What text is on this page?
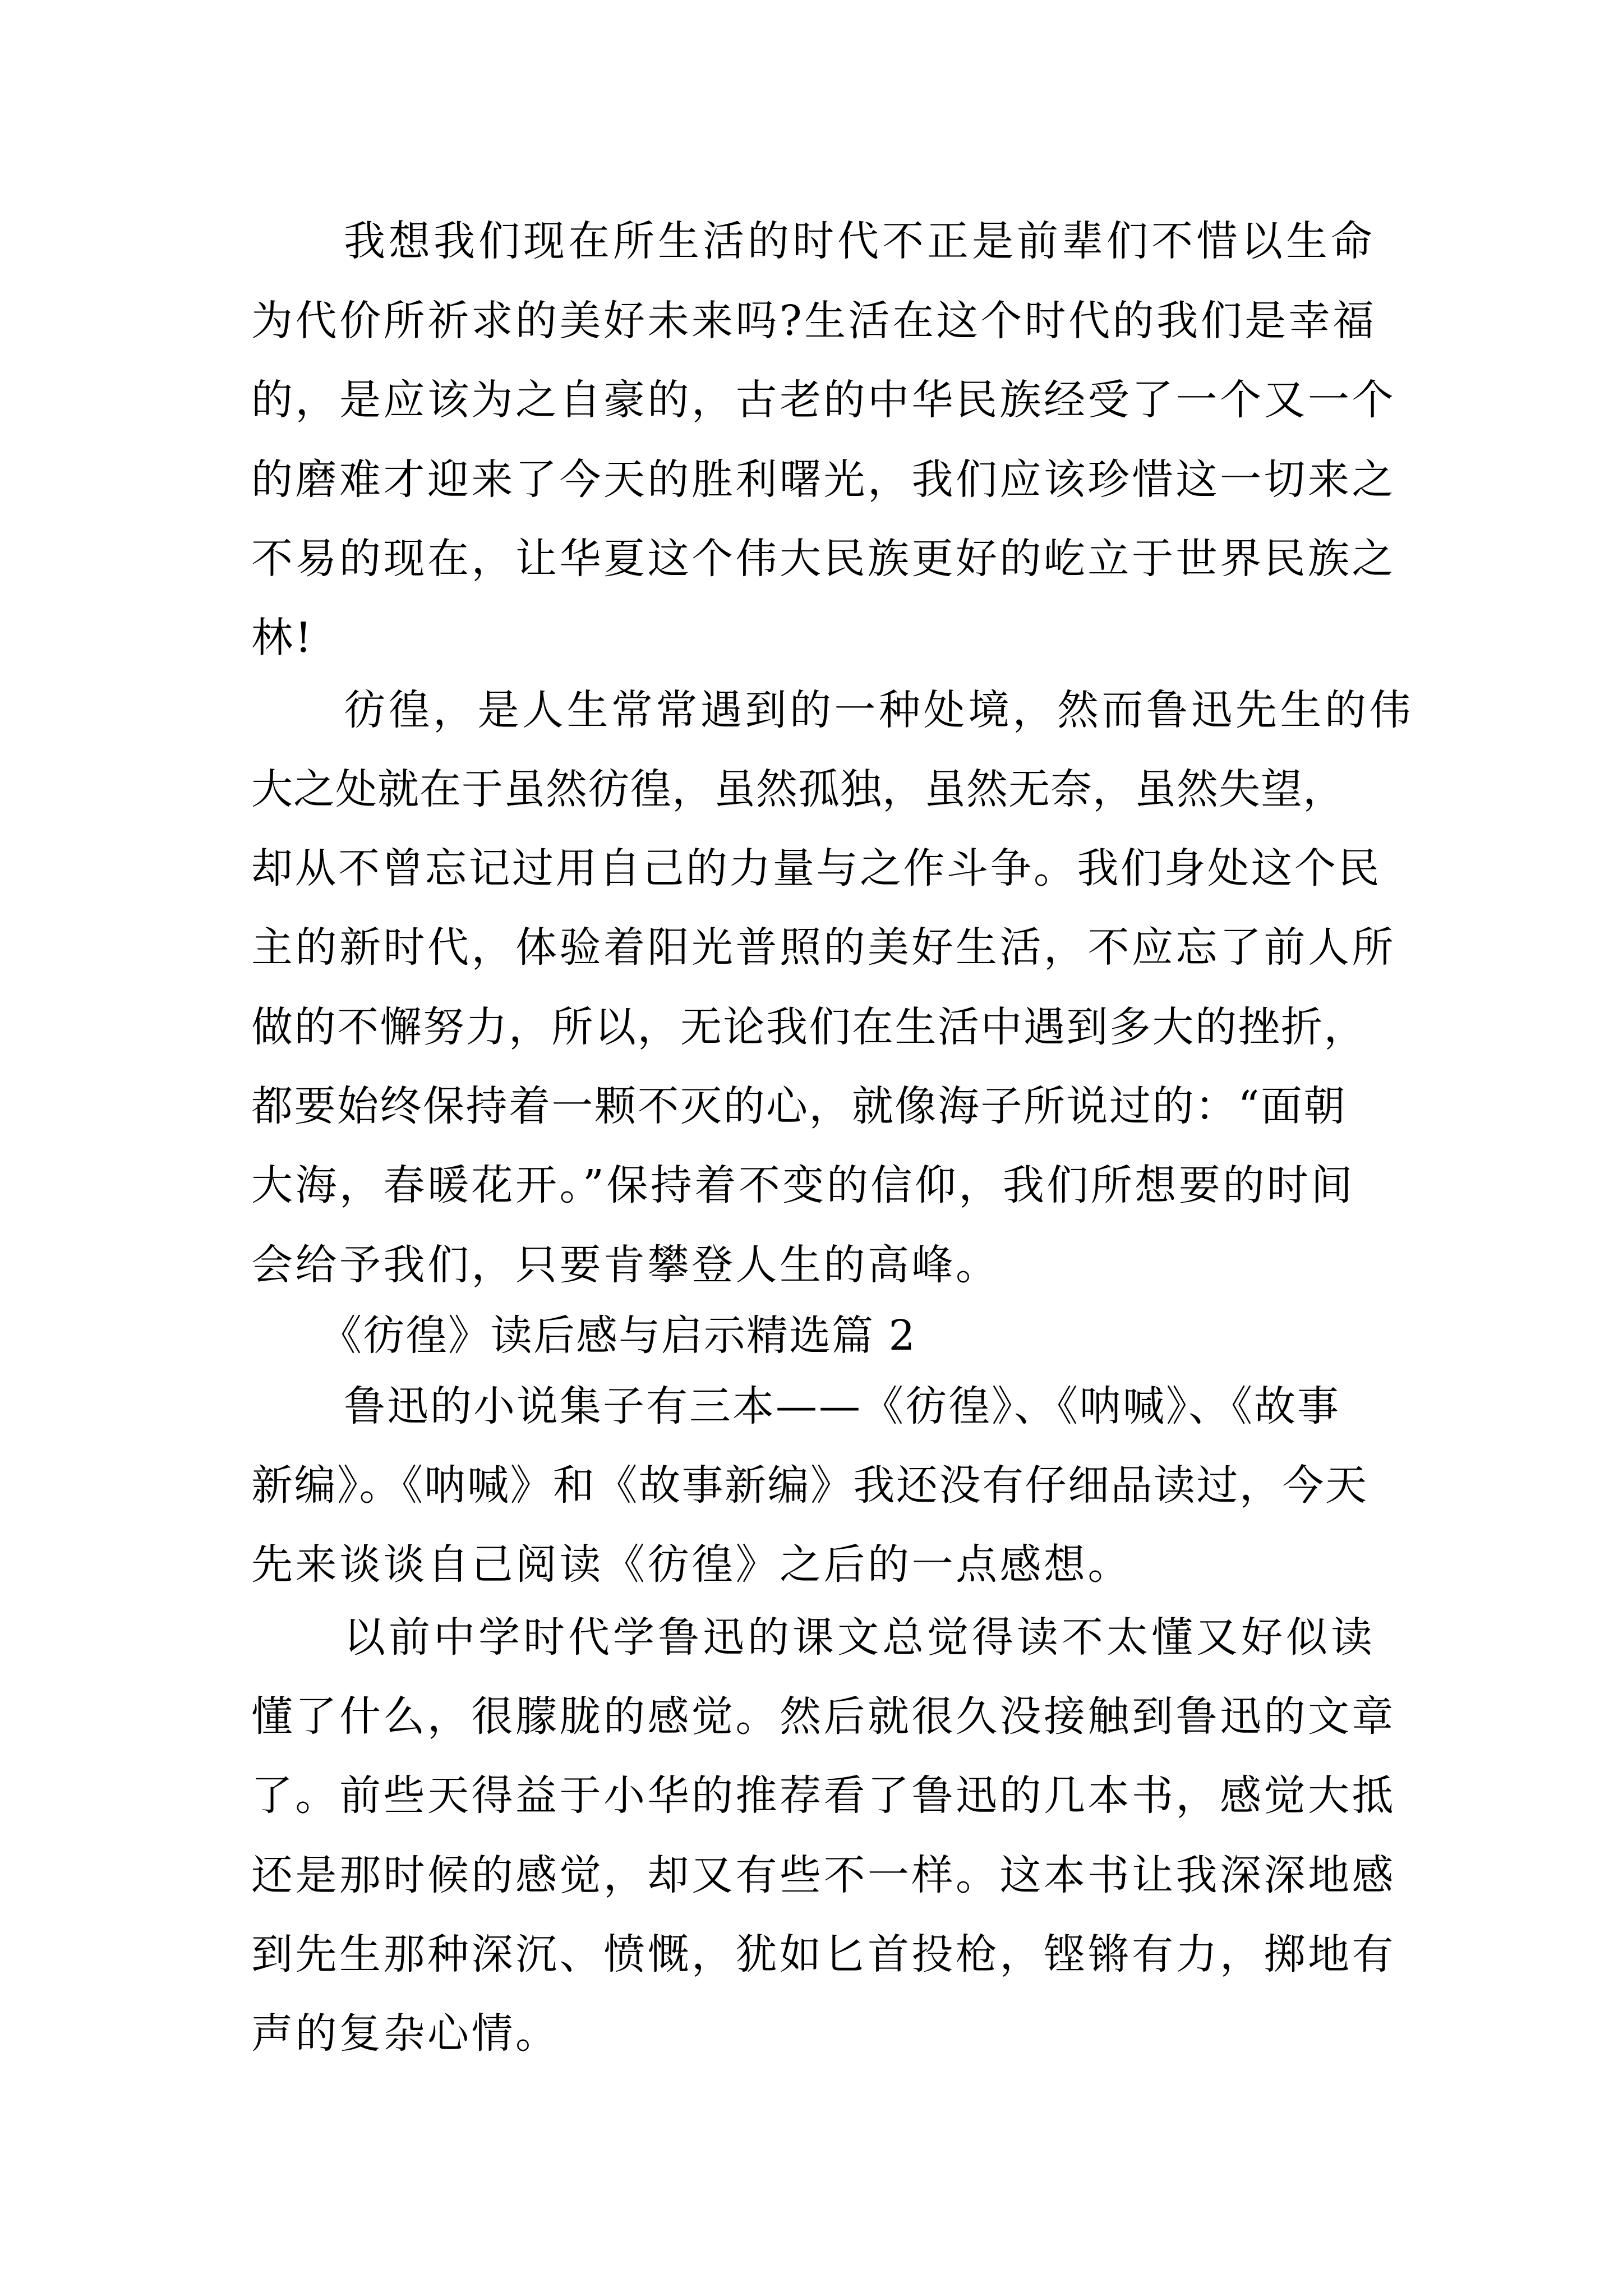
我想我们现在所生活的时代不正是前辈们不惜以生命

为代价所祈求的美好未来吗?生活在这个时代的我们是幸福

的，是应该为之自豪的，古老的中华民族经受了一个又一个

的磨难才迎来了今天的胜利曙光，我们应该珍惜这一切来之

不易的现在，让华夏这个伟大民族更好的屹立于世界民族之

林!

彷徨，是人生常常遇到的一种处境，然而鲁迅先生的伟

大之处就在于虽然彷徨，虽然孤独，虽然无奈，虽然失望，

却从不曾忘记过用自己的力量与之作斗争。我们身处这个民

主的新时代，体验着阳光普照的美好生活，不应忘了前人所

做的不懈努力，所以，无论我们在生活中遇到多大的挫折，

都要始终保持着一颗不灭的心，就像海子所说过的：“面朝

大海，春暖花开。”保持着不变的信仰，我们所想要的时间

会给予我们，只要肯攀登人生的高峰。

《彷徨》读后感与启示精选篇 2

鲁迅的小说集子有三本——《彷徨》、《呐喊》、《故事

新编》。《呐喊》和《故事新编》我还没有仔细品读过，今天

先来谈谈自己阅读《彷徨》之后的一点感想。

以前中学时代学鲁迅的课文总觉得读不太懂又好似读

懂了什么，很朦胧的感觉。然后就很久没接触到鲁迅的文章

了。前些天得益于小华的推荐看了鲁迅的几本书，感觉大抵

还是那时候的感觉，却又有些不一样。这本书让我深深地感

到先生那种深沉、愤慨，犹如匕首投枪，铿锵有力，掷地有

声的复杂心情。
